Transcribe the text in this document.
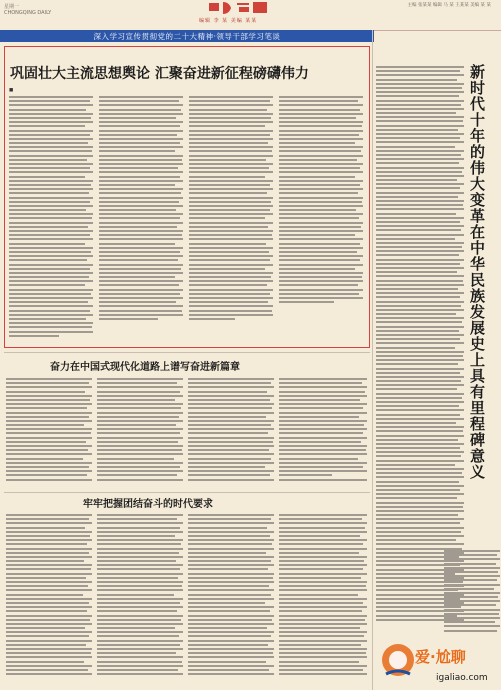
星期一
CHONGQING DAILY
编辑 李 某 美编 某某
主编 张某某 编辑 马 某 王某某 美编 某 某
深入学习宣传贯彻党的二十大精神·领导干部学习笔谈
巩固壮大主流思想舆论 汇聚奋进新征程磅礴伟力
■
奋力在中国式现代化道路上谱写奋进新篇章
牢牢把握团结奋斗的时代要求
新时代十年的伟大变革在中华民族发展史上具有里程碑意义
爱·尬聊
igaliao.com
